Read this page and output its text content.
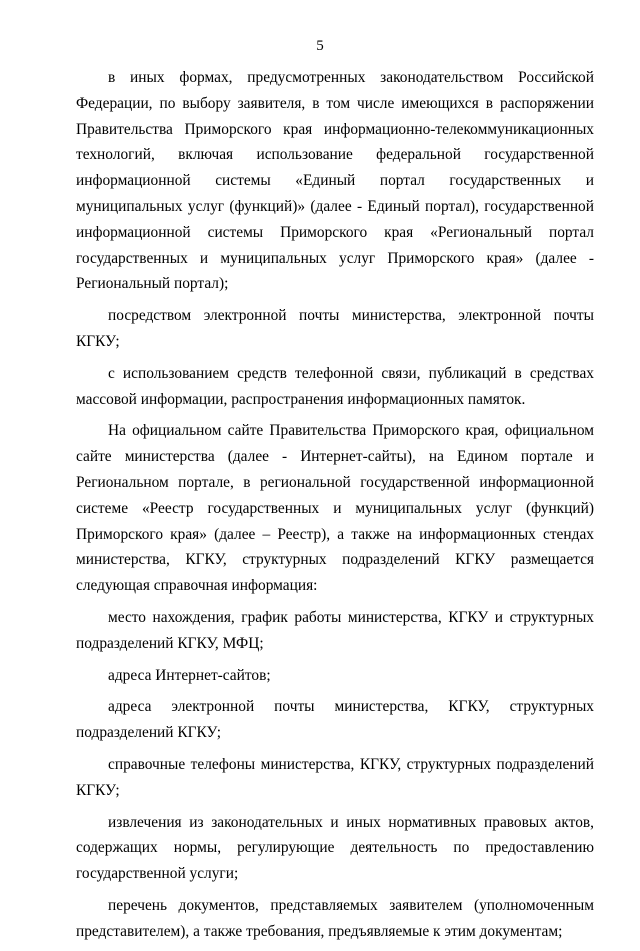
5

в иных формах, предусмотренных законодательством Российской Федерации, по выбору заявителя, в том числе имеющихся в распоряжении Правительства Приморского края информационно-телекоммуникационных технологий, включая использование федеральной государственной информационной системы «Единый портал государственных и муниципальных услуг (функций)» (далее - Единый портал), государственной информационной системы Приморского края «Региональный портал государственных и муниципальных услуг Приморского края» (далее - Региональный портал);

посредством электронной почты министерства, электронной почты КГКУ;

с использованием средств телефонной связи, публикаций в средствах массовой информации, распространения информационных памяток.

На официальном сайте Правительства Приморского края, официальном сайте министерства (далее - Интернет-сайты), на Едином портале и Региональном портале, в региональной государственной информационной системе «Реестр государственных и муниципальных услуг (функций) Приморского края» (далее – Реестр), а также на информационных стендах министерства, КГКУ, структурных подразделений КГКУ размещается следующая справочная информация:

место нахождения, график работы министерства, КГКУ и структурных подразделений КГКУ, МФЦ;

адреса Интернет-сайтов;

адреса электронной почты министерства, КГКУ, структурных подразделений КГКУ;

справочные телефоны министерства, КГКУ, структурных подразделений КГКУ;

извлечения из законодательных и иных нормативных правовых актов, содержащих нормы, регулирующие деятельность по предоставлению государственной услуги;

перечень документов, представляемых заявителем (уполномоченным представителем), а также требования, предъявляемые к этим документам;
